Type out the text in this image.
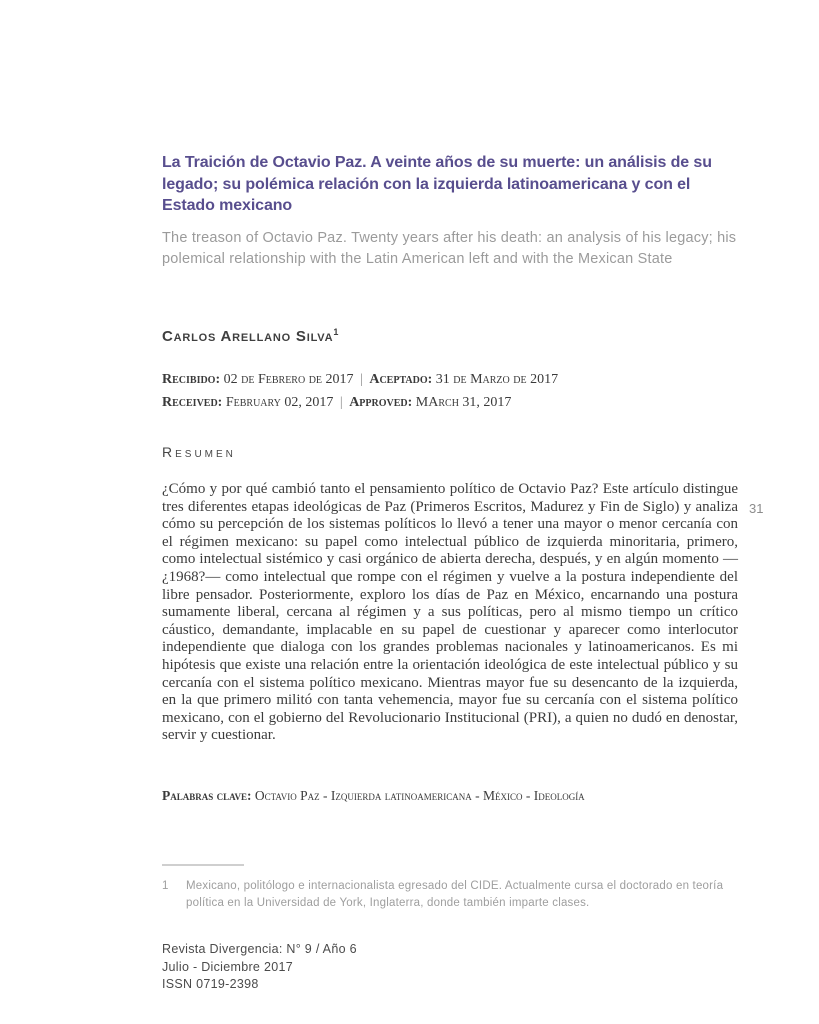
31
La Traición de Octavio Paz. A veinte años de su muerte: un análisis de su legado; su polémica relación con la izquierda latinoamericana y con el Estado mexicano

The treason of Octavio Paz. Twenty years after his death: an analysis of his legacy; his polemical relationship with the Latin American left and with the Mexican State

Carlos Arellano Silva$^1$
Recibido: 02 de Febrero de 2017 | Aceptado: 31 de Marzo de 2017
Received: February 02, 2017 | Approved: MArch 31, 2017
Resumen

¿Cómo y por qué cambió tanto el pensamiento político de Octavio Paz? Este artículo distingue tres diferentes etapas ideológicas de Paz (Primeros Escritos, Madurez y Fin de Siglo) y analiza cómo su percepción de los sistemas políticos lo llevó a tener una mayor o menor cercanía con el régimen mexicano: su papel como intelectual público de izquierda minoritaria, primero, como intelectual sistémico y casi orgánico de abierta derecha, después, y en algún momento —¿1968?— como intelectual que rompe con el régimen y vuelve a la postura independiente del libre pensador. Posteriormente, exploro los días de Paz en México, encarnando una postura sumamente liberal, cercana al régimen y a sus políticas, pero al mismo tiempo un crítico cáustico, demandante, implacable en su papel de cuestionar y aparecer como interlocutor independiente que dialoga con los grandes problemas nacionales y latinoamericanos. Es mi hipótesis que existe una relación entre la orientación ideológica de este intelectual público y su cercanía con el sistema político mexicano. Mientras mayor fue su desencanto de la izquierda, en la que primero militó con tanta vehemencia, mayor fue su cercanía con el sistema político mexicano, con el gobierno del Revolucionario Institucional (PRI), a quien no dudó en denostar, servir y cuestionar.

Palabras clave: Octavio Paz - Izquierda latinoamericana - México - Ideología

1	Mexicano, politólogo e internacionalista egresado del CIDE. Actualmente cursa el doctorado en teoría política en la Universidad de York, Inglaterra, donde también imparte clases.
Revista Divergencia: N° 9 / Año 6
Julio - Diciembre 2017
ISSN 0719-2398
